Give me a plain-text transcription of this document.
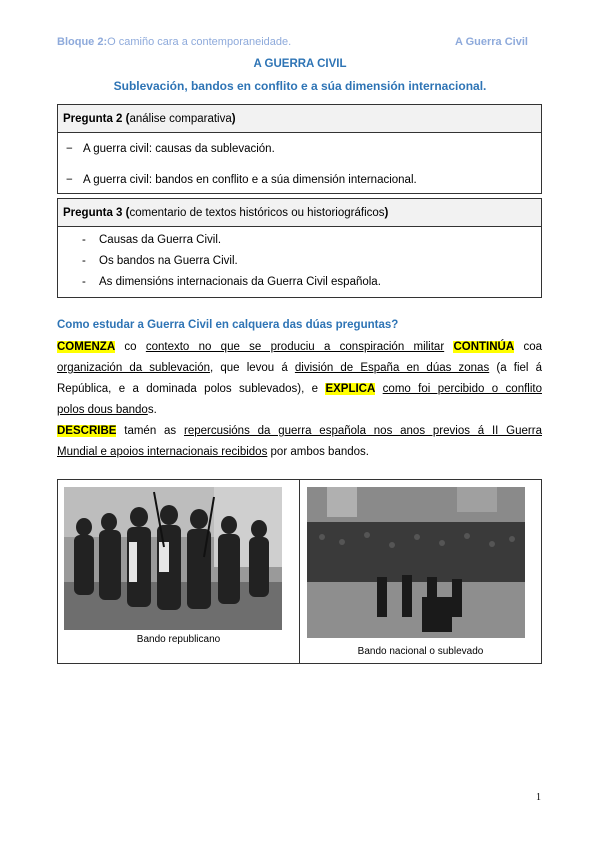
Bloque 2:O camiño cara a contemporaneidade.	A Guerra Civil
A GUERRA CIVIL
Sublevación, bandos en conflito e a súa dimensión internacional.
Pregunta 2 (análise comparativa)
− A guerra civil: causas da sublevación.
− A guerra civil: bandos en conflito e a súa dimensión internacional.
Pregunta 3 (comentario de textos históricos ou historiográficos)
- Causas da Guerra Civil.
- Os bandos na Guerra Civil.
- As dimensións internacionais da Guerra Civil española.
Como estudar a Guerra Civil en calquera das dúas preguntas?
COMENZA co contexto no que se produciu a conspiración militar CONTINÚA coa
organización da sublevación, que levou á división de España en dúas zonas (a fiel á
República, e a dominada polos sublevados), e EXPLICA como foi percibido o conflito
polos dous bandos.
DESCRIBE tamén as repercusións da guerra española nos anos previos á II Guerra
Mundial e apoios internacionais recibidos por ambos bandos.
Bando republicano
Bando nacional o sublevado
1
